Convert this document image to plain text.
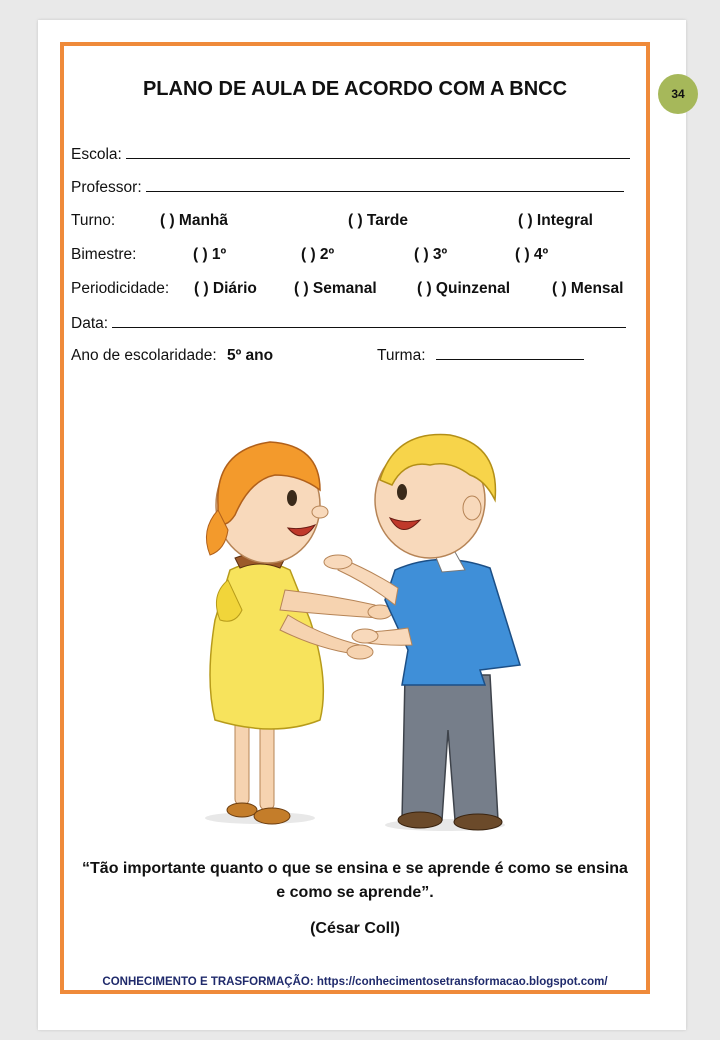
34
PLANO DE AULA DE ACORDO COM A BNCC
Escola:
Professor:
Turno:	( ) Manhã	( ) Tarde	( ) Integral
Bimestre:	( ) 1º	( ) 2º	( ) 3º	( ) 4º
Periodicidade: ( ) Diário ( ) Semanal	( ) Quinzenal	( ) Mensal
Data:
Ano de escolaridade: 5º ano	Turma:
“Tão importante quanto o que se ensina e se aprende é como se ensina
e como se aprende”.
(César Coll)
CONHECIMENTO E TRASFORMAÇÃO: https://conhecimentosetransformacao.blogspot.com/
